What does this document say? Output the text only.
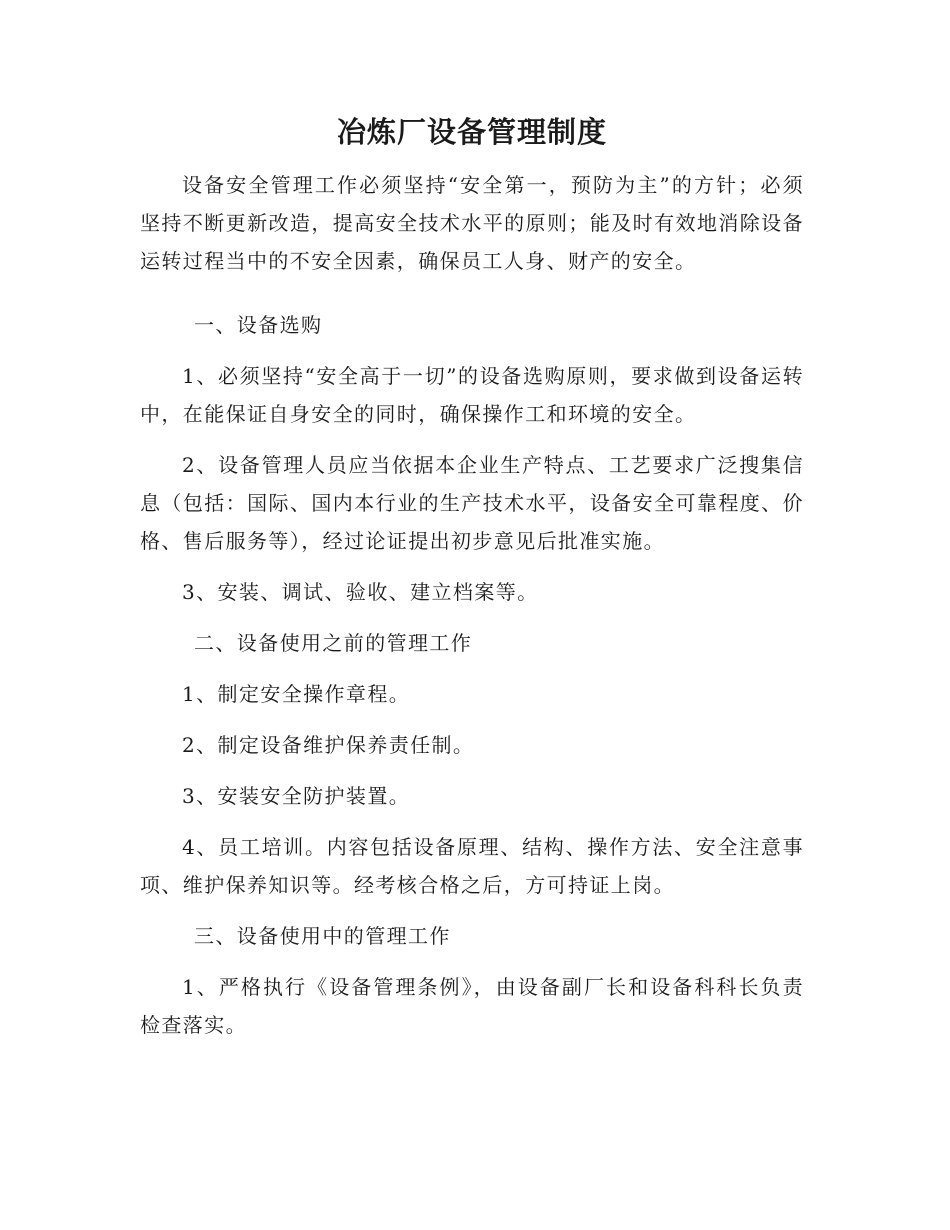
冶炼厂设备管理制度

设备安全管理工作必须坚持“安全第一，预防为主”的方针；必须坚持不断更新改造，提高安全技术水平的原则；能及时有效地消除设备运转过程当中的不安全因素，确保员工人身、财产的安全。

一、设备选购

1、必须坚持“安全高于一切”的设备选购原则，要求做到设备运转中，在能保证自身安全的同时，确保操作工和环境的安全。

2、设备管理人员应当依据本企业生产特点、工艺要求广泛搜集信息（包括：国际、国内本行业的生产技术水平，设备安全可靠程度、价格、售后服务等），经过论证提出初步意见后批准实施。

3、安装、调试、验收、建立档案等。

二、设备使用之前的管理工作

1、制定安全操作章程。

2、制定设备维护保养责任制。

3、安装安全防护装置。

4、员工培训。内容包括设备原理、结构、操作方法、安全注意事项、维护保养知识等。经考核合格之后，方可持证上岗。

三、设备使用中的管理工作

1、严格执行《设备管理条例》，由设备副厂长和设备科科长负责检查落实。
